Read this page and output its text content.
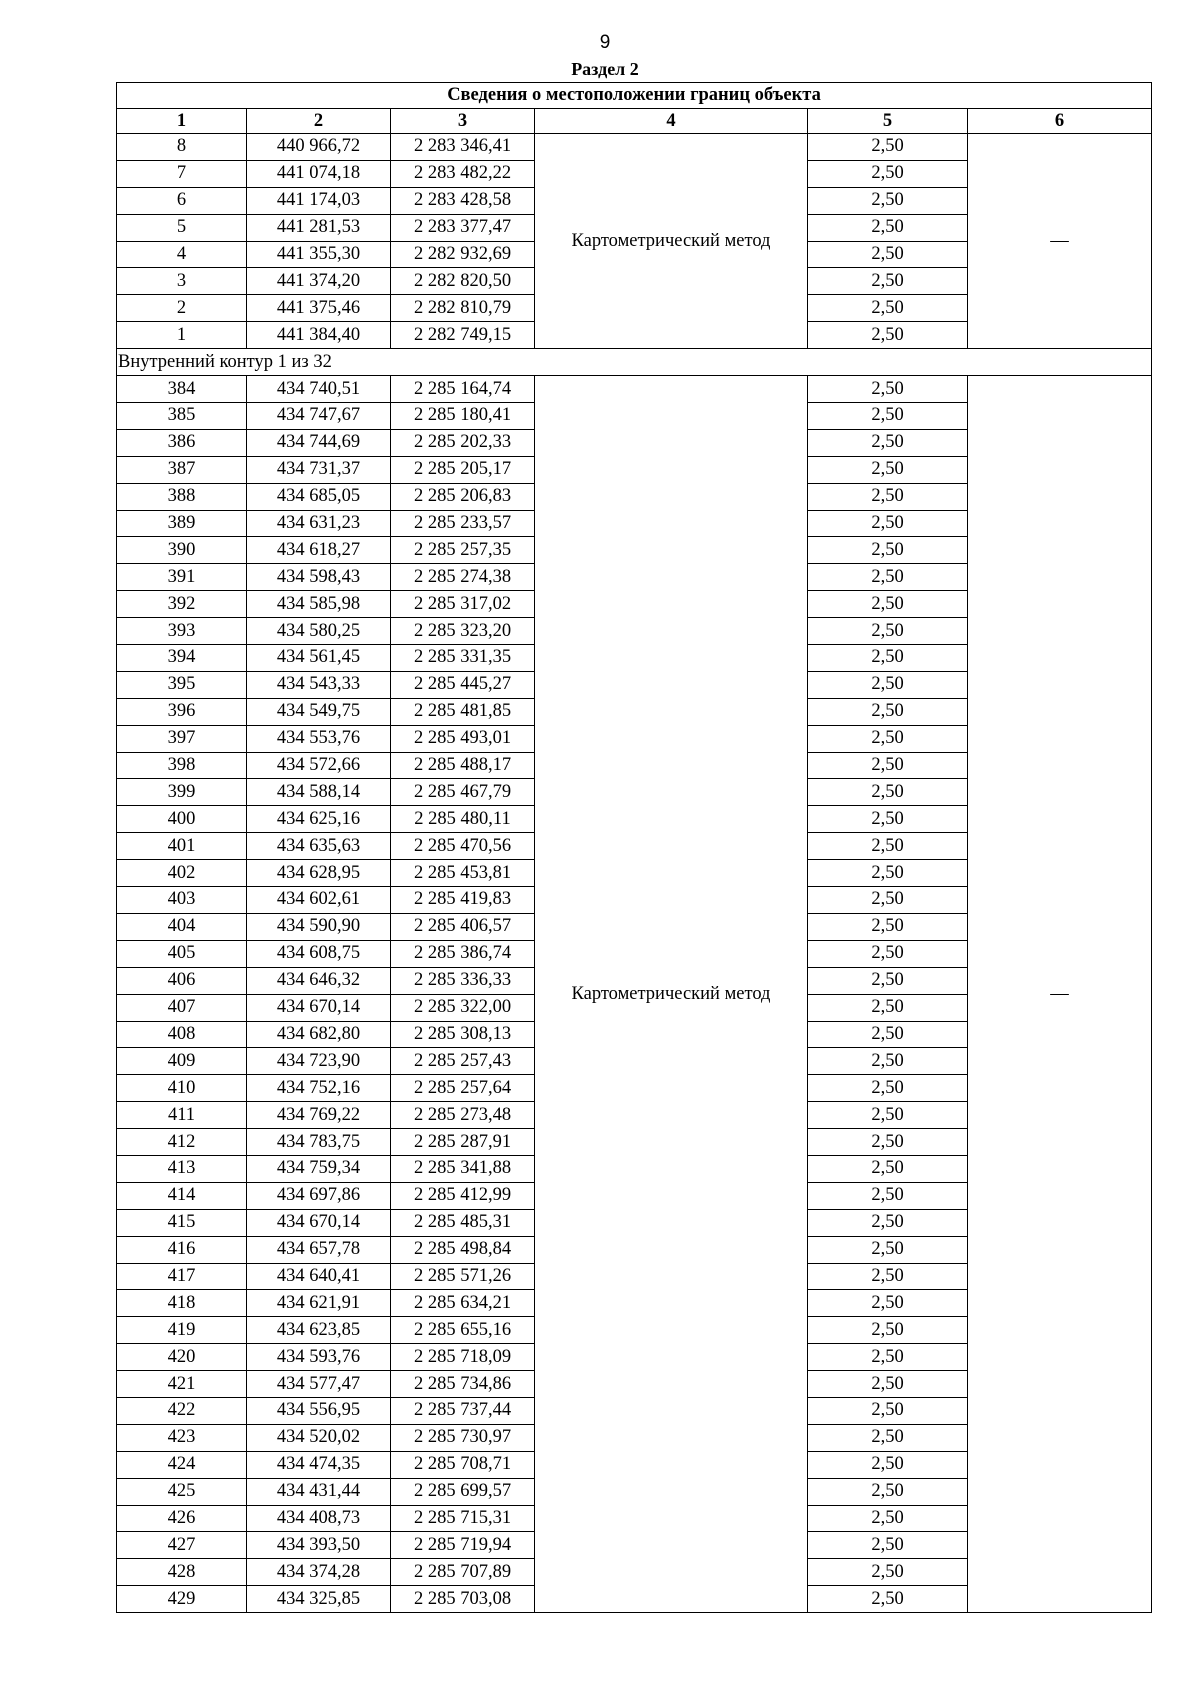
9
Раздел 2
Сведения о местоположении границ объекта					
1	2	3	4	5	6
8	440 966,72	2 283 346,41	Картометрический метод	2,50	—
7	441 074,18	2 283 482,22		2,50	
6	441 174,03	2 283 428,58		2,50	
5	441 281,53	2 283 377,47		2,50	
4	441 355,30	2 282 932,69		2,50	
3	441 374,20	2 282 820,50		2,50	
2	441 375,46	2 282 810,79		2,50	
1	441 384,40	2 282 749,15		2,50	
Внутренний контур 1 из 32					
384	434 740,51	2 285 164,74	Картометрический метод	2,50	—
385	434 747,67	2 285 180,41		2,50	
386	434 744,69	2 285 202,33		2,50	
387	434 731,37	2 285 205,17		2,50	
388	434 685,05	2 285 206,83		2,50	
389	434 631,23	2 285 233,57		2,50	
390	434 618,27	2 285 257,35		2,50	
391	434 598,43	2 285 274,38		2,50	
392	434 585,98	2 285 317,02		2,50	
393	434 580,25	2 285 323,20		2,50	
394	434 561,45	2 285 331,35		2,50	
395	434 543,33	2 285 445,27		2,50	
396	434 549,75	2 285 481,85		2,50	
397	434 553,76	2 285 493,01		2,50	
398	434 572,66	2 285 488,17		2,50	
399	434 588,14	2 285 467,79		2,50	
400	434 625,16	2 285 480,11		2,50	
401	434 635,63	2 285 470,56		2,50	
402	434 628,95	2 285 453,81		2,50	
403	434 602,61	2 285 419,83		2,50	
404	434 590,90	2 285 406,57		2,50	
405	434 608,75	2 285 386,74		2,50	
406	434 646,32	2 285 336,33		2,50	
407	434 670,14	2 285 322,00		2,50	
408	434 682,80	2 285 308,13		2,50	
409	434 723,90	2 285 257,43		2,50	
410	434 752,16	2 285 257,64		2,50	
411	434 769,22	2 285 273,48		2,50	
412	434 783,75	2 285 287,91		2,50	
413	434 759,34	2 285 341,88		2,50	
414	434 697,86	2 285 412,99		2,50	
415	434 670,14	2 285 485,31		2,50	
416	434 657,78	2 285 498,84		2,50	
417	434 640,41	2 285 571,26		2,50	
418	434 621,91	2 285 634,21		2,50	
419	434 623,85	2 285 655,16		2,50	
420	434 593,76	2 285 718,09		2,50	
421	434 577,47	2 285 734,86		2,50	
422	434 556,95	2 285 737,44		2,50	
423	434 520,02	2 285 730,97		2,50	
424	434 474,35	2 285 708,71		2,50	
425	434 431,44	2 285 699,57		2,50	
426	434 408,73	2 285 715,31		2,50	
427	434 393,50	2 285 719,94		2,50	
428	434 374,28	2 285 707,89		2,50	
429	434 325,85	2 285 703,08		2,50	
